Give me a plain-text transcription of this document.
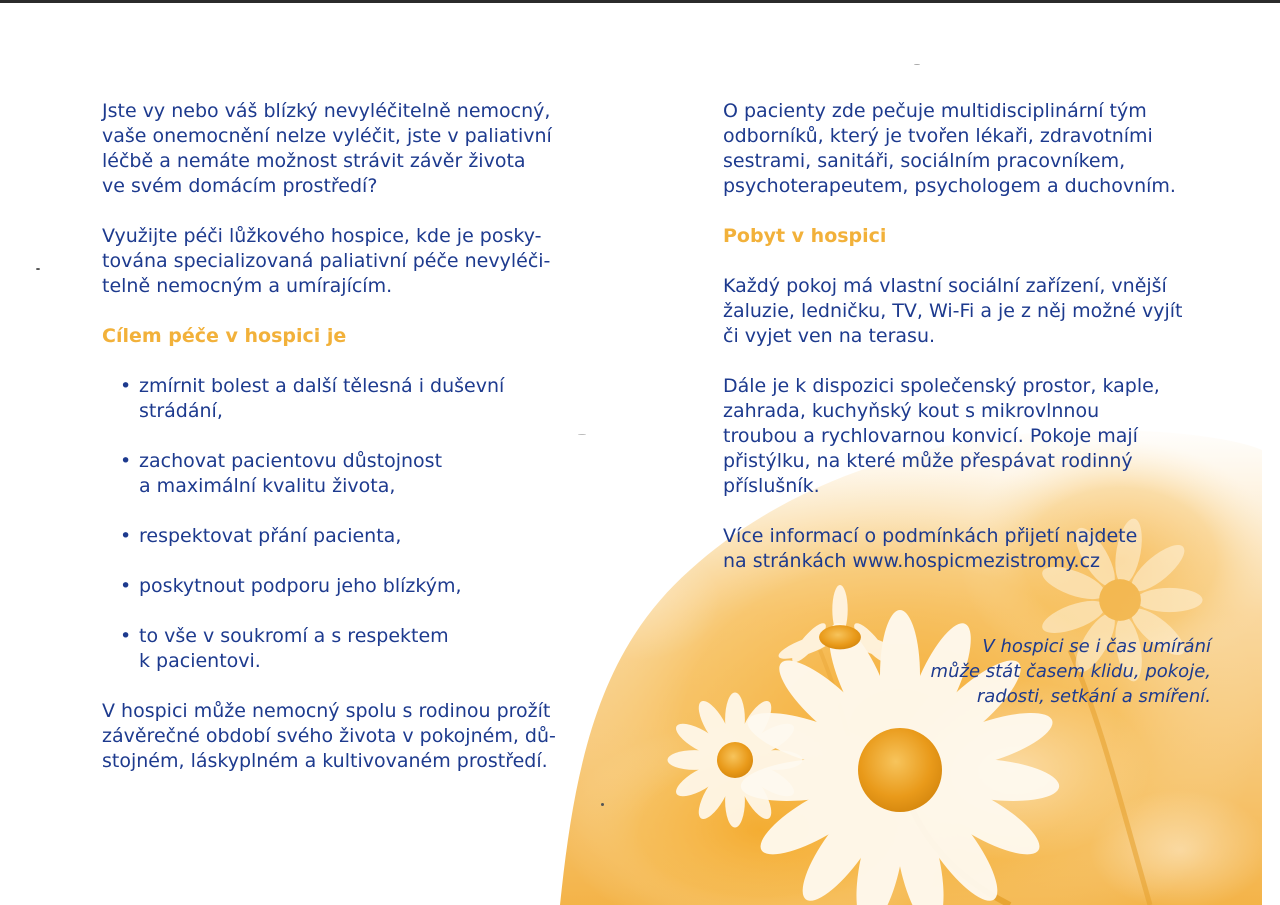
Jste vy nebo váš blízký nevyléčitelně nemocný,
vaše onemocnění nelze vyléčit, jste v paliativní
léčbě a nemáte možnost strávit závěr života
ve svém domácím prostředí?

Využijte péči lůžkového hospice, kde je posky-
tována specializovaná paliativní péče nevyléči-
telně nemocným a umírajícím.

Cílem péče v hospici je
• zmírnit bolest a další tělesná i duševní
strádání,
• zachovat pacientovu důstojnost
a maximální kvalitu života,
• respektovat přání pacienta,
• poskytnout podporu jeho blízkým,
• to vše v soukromí a s respektem
k pacientovi.

V hospici může nemocný spolu s rodinou prožít
závěrečné období svého života v pokojném, dů-
stojném, láskyplném a kultivovaném prostředí.

O pacienty zde pečuje multidisciplinární tým
odborníků, který je tvořen lékaři, zdravotními
sestrami, sanitáři, sociálním pracovníkem,
psychoterapeutem, psychologem a duchovním.

Pobyt v hospici

Každý pokoj má vlastní sociální zařízení, vnější
žaluzie, ledničku, TV, Wi-Fi a je z něj možné vyjít
či vyjet ven na terasu.

Dále je k dispozici společenský prostor, kaple,
zahrada, kuchyňský kout s mikrovlnnou
troubou a rychlovarnou konvicí. Pokoje mají
přistýlku, na které může přespávat rodinný
příslušník.

Více informací o podmínkách přijetí najdete
na stránkách www.hospicmezistromy.cz

V hospici se i čas umírání
může stát časem klidu, pokoje,
radosti, setkání a smíření.
